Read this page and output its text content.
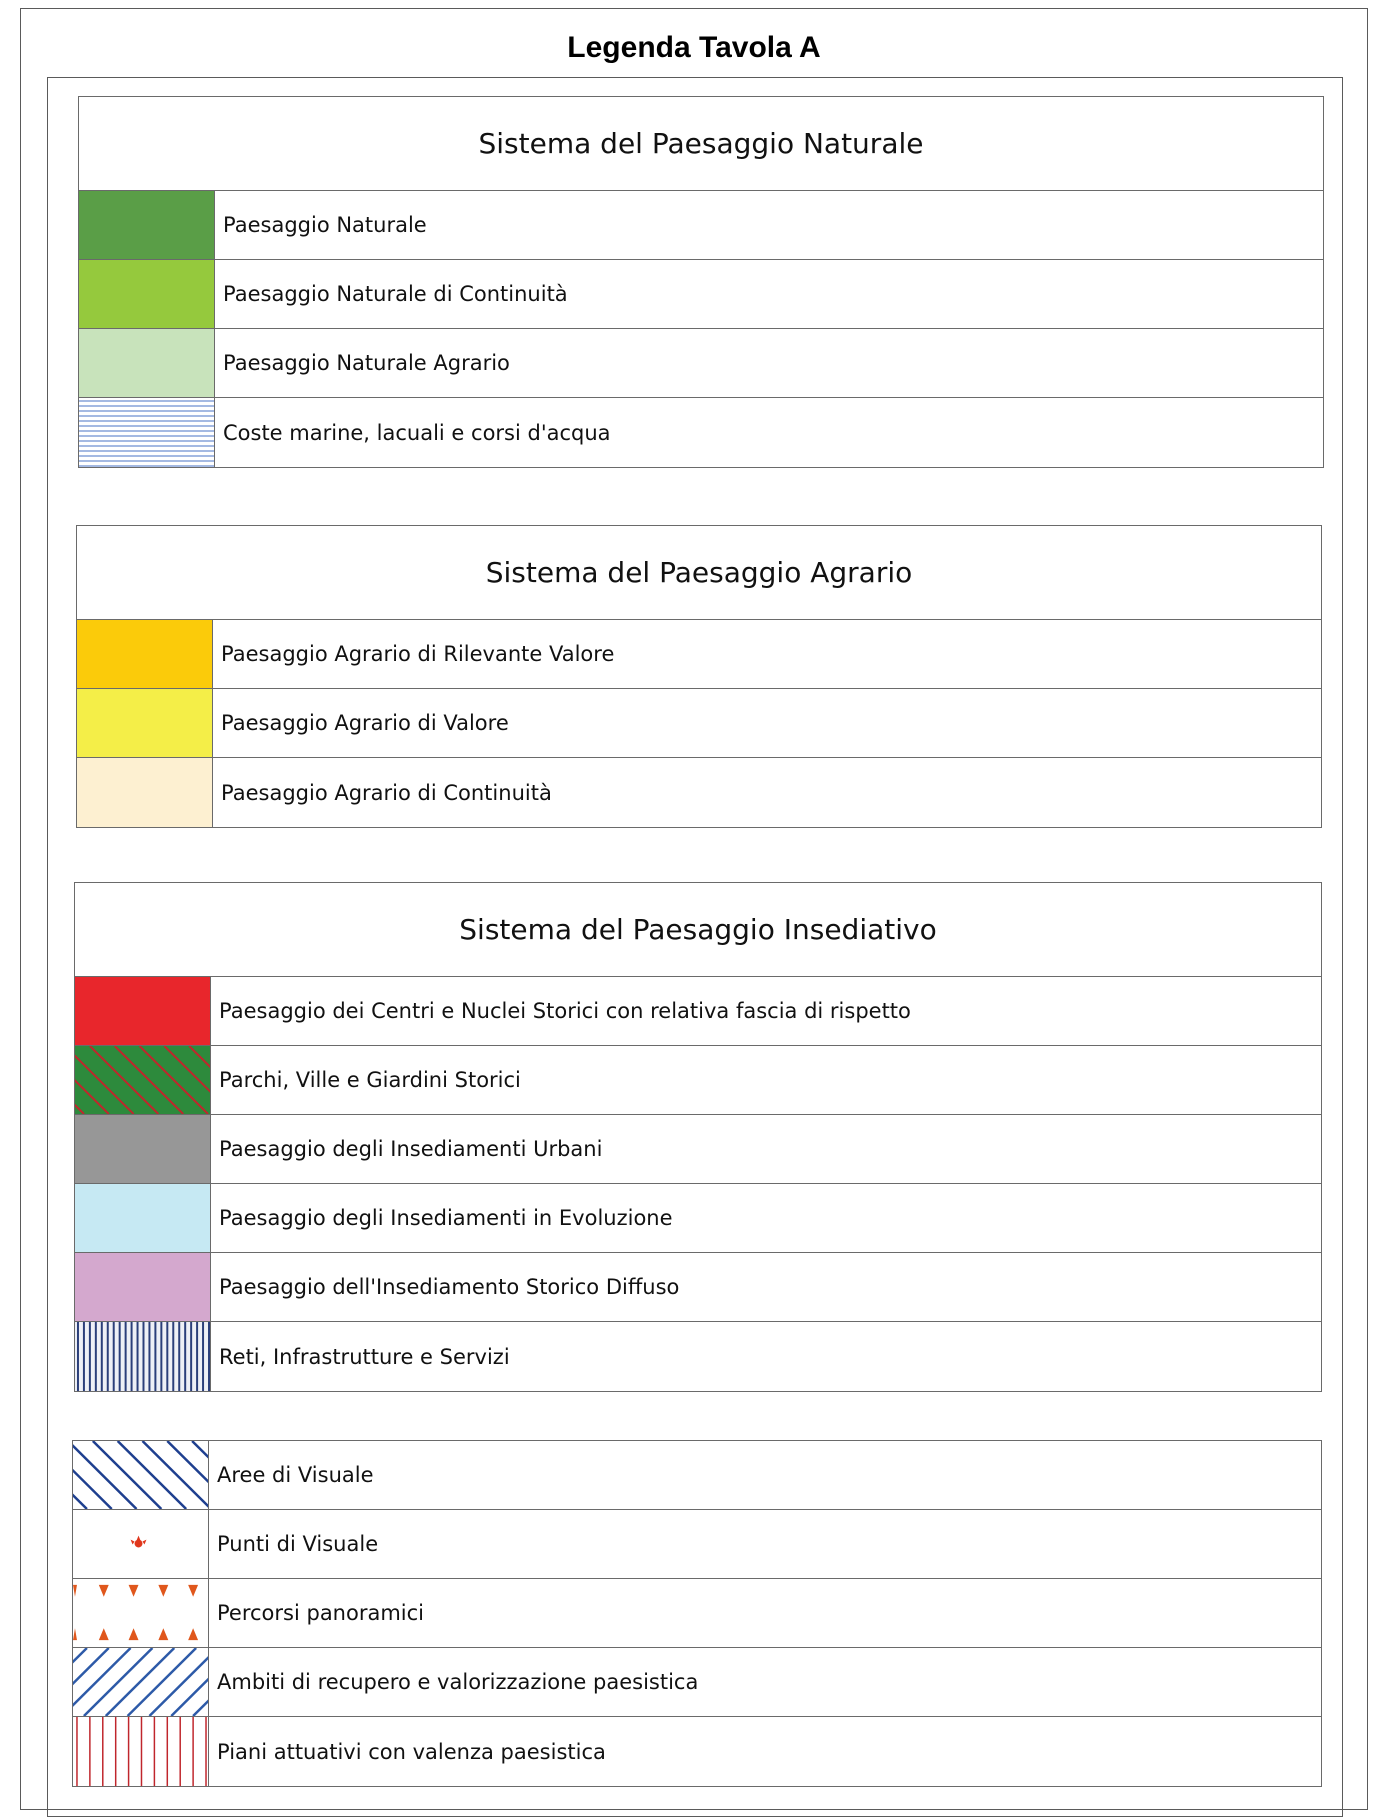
Legenda Tavola A
Sistema del Paesaggio Naturale
Paesaggio Naturale
Paesaggio Naturale di Continuità
Paesaggio Naturale Agrario
Coste marine, lacuali e corsi d'acqua
Sistema del Paesaggio Agrario
Paesaggio Agrario di Rilevante Valore
Paesaggio Agrario di Valore
Paesaggio Agrario di Continuità
Sistema del Paesaggio Insediativo
Paesaggio dei Centri e Nuclei Storici con relativa fascia di rispetto
Parchi, Ville e Giardini Storici
Paesaggio degli Insediamenti Urbani
Paesaggio degli Insediamenti in Evoluzione
Paesaggio dell'Insediamento Storico Diffuso
Reti, Infrastrutture e Servizi
Aree di Visuale
Punti di Visuale
Percorsi panoramici
Ambiti di recupero e valorizzazione paesistica
Piani attuativi con valenza paesistica
